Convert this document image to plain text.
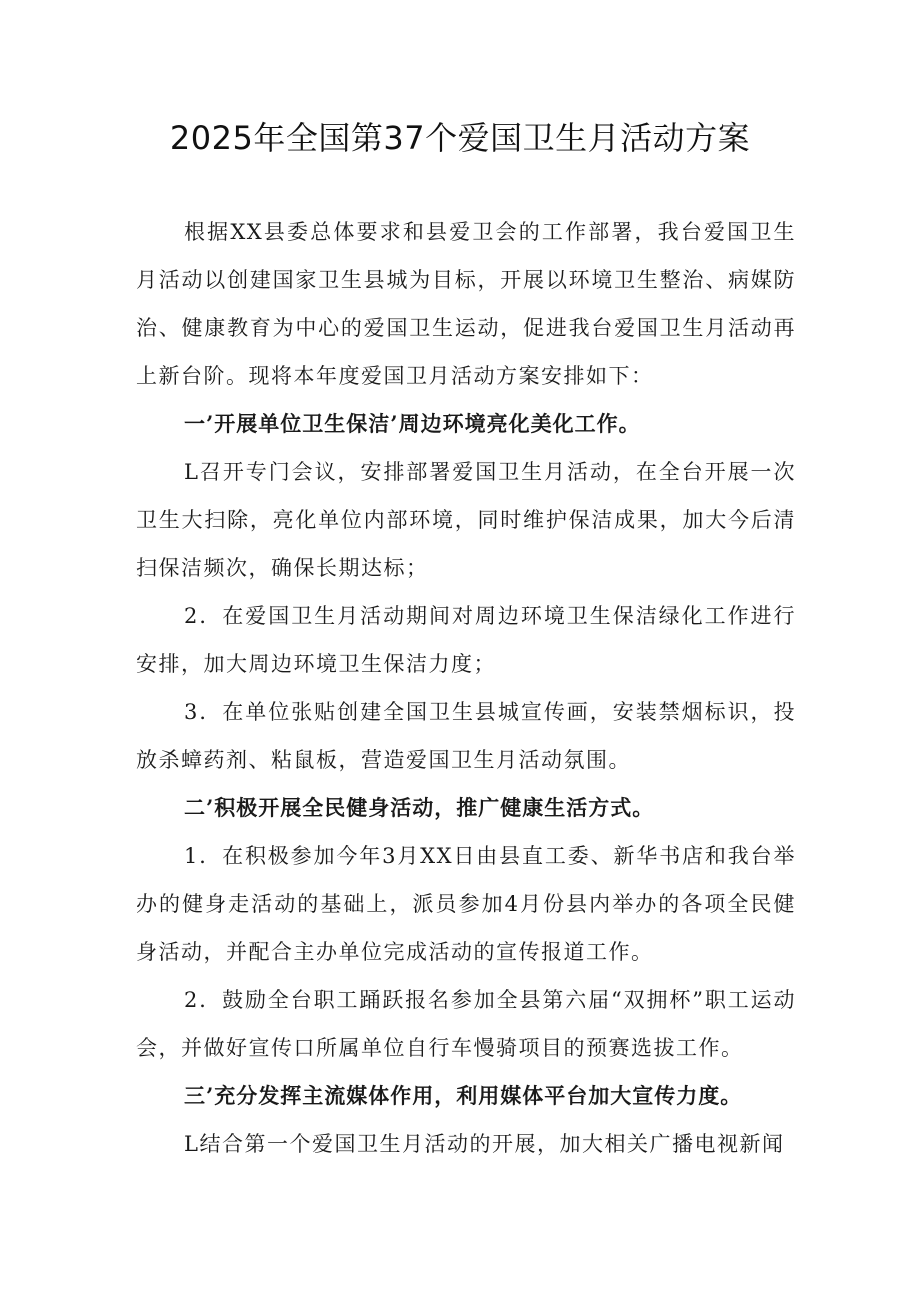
2025年全国第37个爱国卫生月活动方案

根据XX县委总体要求和县爱卫会的工作部署，我台爱国卫生月活动以创建国家卫生县城为目标，开展以环境卫生整治、病媒防治、健康教育为中心的爱国卫生运动，促进我台爱国卫生月活动再上新台阶。现将本年度爱国卫月活动方案安排如下：

一’开展单位卫生保洁’周边环境亮化美化工作。

L召开专门会议，安排部署爱国卫生月活动，在全台开展一次卫生大扫除，亮化单位内部环境，同时维护保洁成果，加大今后清扫保洁频次，确保长期达标；

2．在爱国卫生月活动期间对周边环境卫生保洁绿化工作进行安排，加大周边环境卫生保洁力度；

3．在单位张贴创建全国卫生县城宣传画，安装禁烟标识，投放杀蟑药剂、粘鼠板，营造爱国卫生月活动氛围。

二’积极开展全民健身活动，推广健康生活方式。

1．在积极参加今年3月XX日由县直工委、新华书店和我台举办的健身走活动的基础上，派员参加4月份县内举办的各项全民健身活动，并配合主办单位完成活动的宣传报道工作。

2．鼓励全台职工踊跃报名参加全县第六届“双拥杯”职工运动会，并做好宣传口所属单位自行车慢骑项目的预赛选拔工作。

三’充分发挥主流媒体作用，利用媒体平台加大宣传力度。

L结合第一个爱国卫生月活动的开展，加大相关广播电视新闻
